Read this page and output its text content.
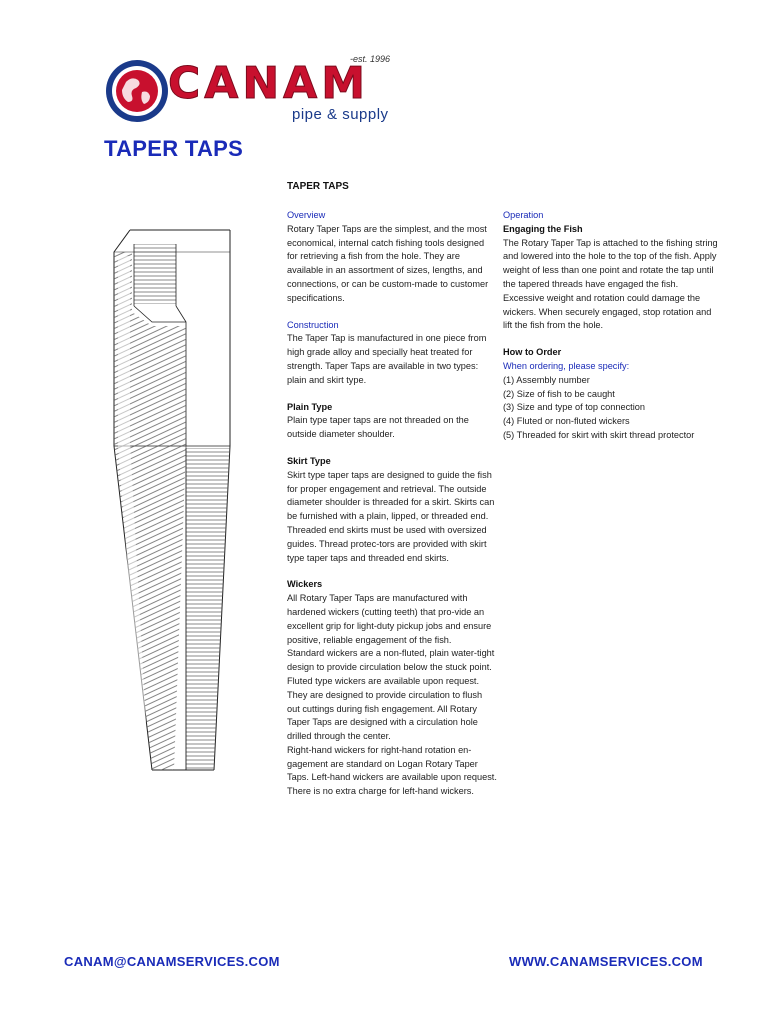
CANAM
-est. 1996
pipe & supply
TAPER TAPS
TAPER TAPS

Overview

Rotary Taper Taps are the simplest, and the most economical, internal catch fishing tools designed for retrieving a fish from the hole. They are available in an assortment of sizes, lengths, and connections, or can be custom-made to customer specifications.

Construction

The Taper Tap is manufactured in one piece from high grade alloy and specially heat treated for strength. Taper Taps are available in two types: plain and skirt type.

Plain Type

Plain type taper taps are not threaded on the outside diameter shoulder.

Skirt Type

Skirt type taper taps are designed to guide the fish for proper engagement and retrieval. The outside diameter shoulder is threaded for a skirt. Skirts can be furnished with a plain, lipped, or threaded end. Threaded end skirts must be used with oversized guides. Thread protec-tors are provided with skirt type taper taps and threaded end skirts.

Wickers

All Rotary Taper Taps are manufactured with hardened wickers (cutting teeth) that pro-vide an excellent grip for light-duty pickup jobs and ensure positive, reliable engagement of the fish.

Standard wickers are a non-fluted, plain water-tight design to provide circulation below the stuck point. Fluted type wickers are available upon request. They are designed to provide circulation to flush out cuttings during fish engagement. All Rotary Taper Taps are designed with a circulation hole drilled through the center.

Right-hand wickers for right-hand rotation en-gagement are standard on Logan Rotary Taper Taps. Left-hand wickers are available upon request. There is no extra charge for left-hand wickers.

Operation

Engaging the Fish

The Rotary Taper Tap is attached to the fishing string and lowered into the hole to the top of the fish. Apply weight of less than one point and rotate the tap until the tapered threads have engaged the fish. Excessive weight and rotation could damage the wickers. When securely engaged, stop rotation and lift the fish from the hole.

How to Order

When ordering, please specify:

(1) Assembly number
(2) Size of fish to be caught
(3) Size and type of top connection
(4) Fluted or non-fluted wickers
(5) Threaded for skirt with skirt thread protector
CANAM@CANAMSERVICES.COM	WWW.CANAMSERVICES.COM
